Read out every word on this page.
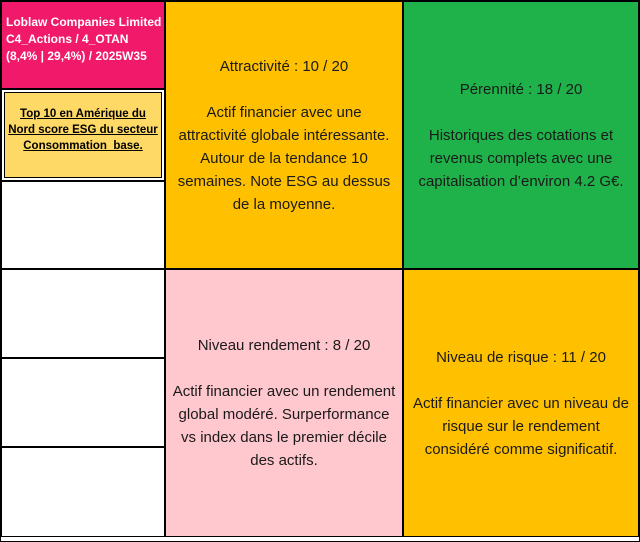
Loblaw Companies Limited
C4_Actions / 4_OTAN
(8,4% | 29,4%) / 2025W35
Top 10 en Amérique du Nord score ESG du secteur Consommation_base.
Attractivité : 10 / 20
Actif financier avec une attractivité globale intéressante. Autour de la tendance 10 semaines. Note ESG au dessus de la moyenne.
Pérennité : 18 / 20
Historiques des cotations et revenus complets avec une capitalisation d’environ 4.2 G€.
Niveau rendement : 8 / 20
Actif financier avec un rendement global modéré. Surperformance vs index dans le premier décile des actifs.
Niveau de risque : 11 / 20
Actif financier avec un niveau de risque sur le rendement considéré comme significatif.
